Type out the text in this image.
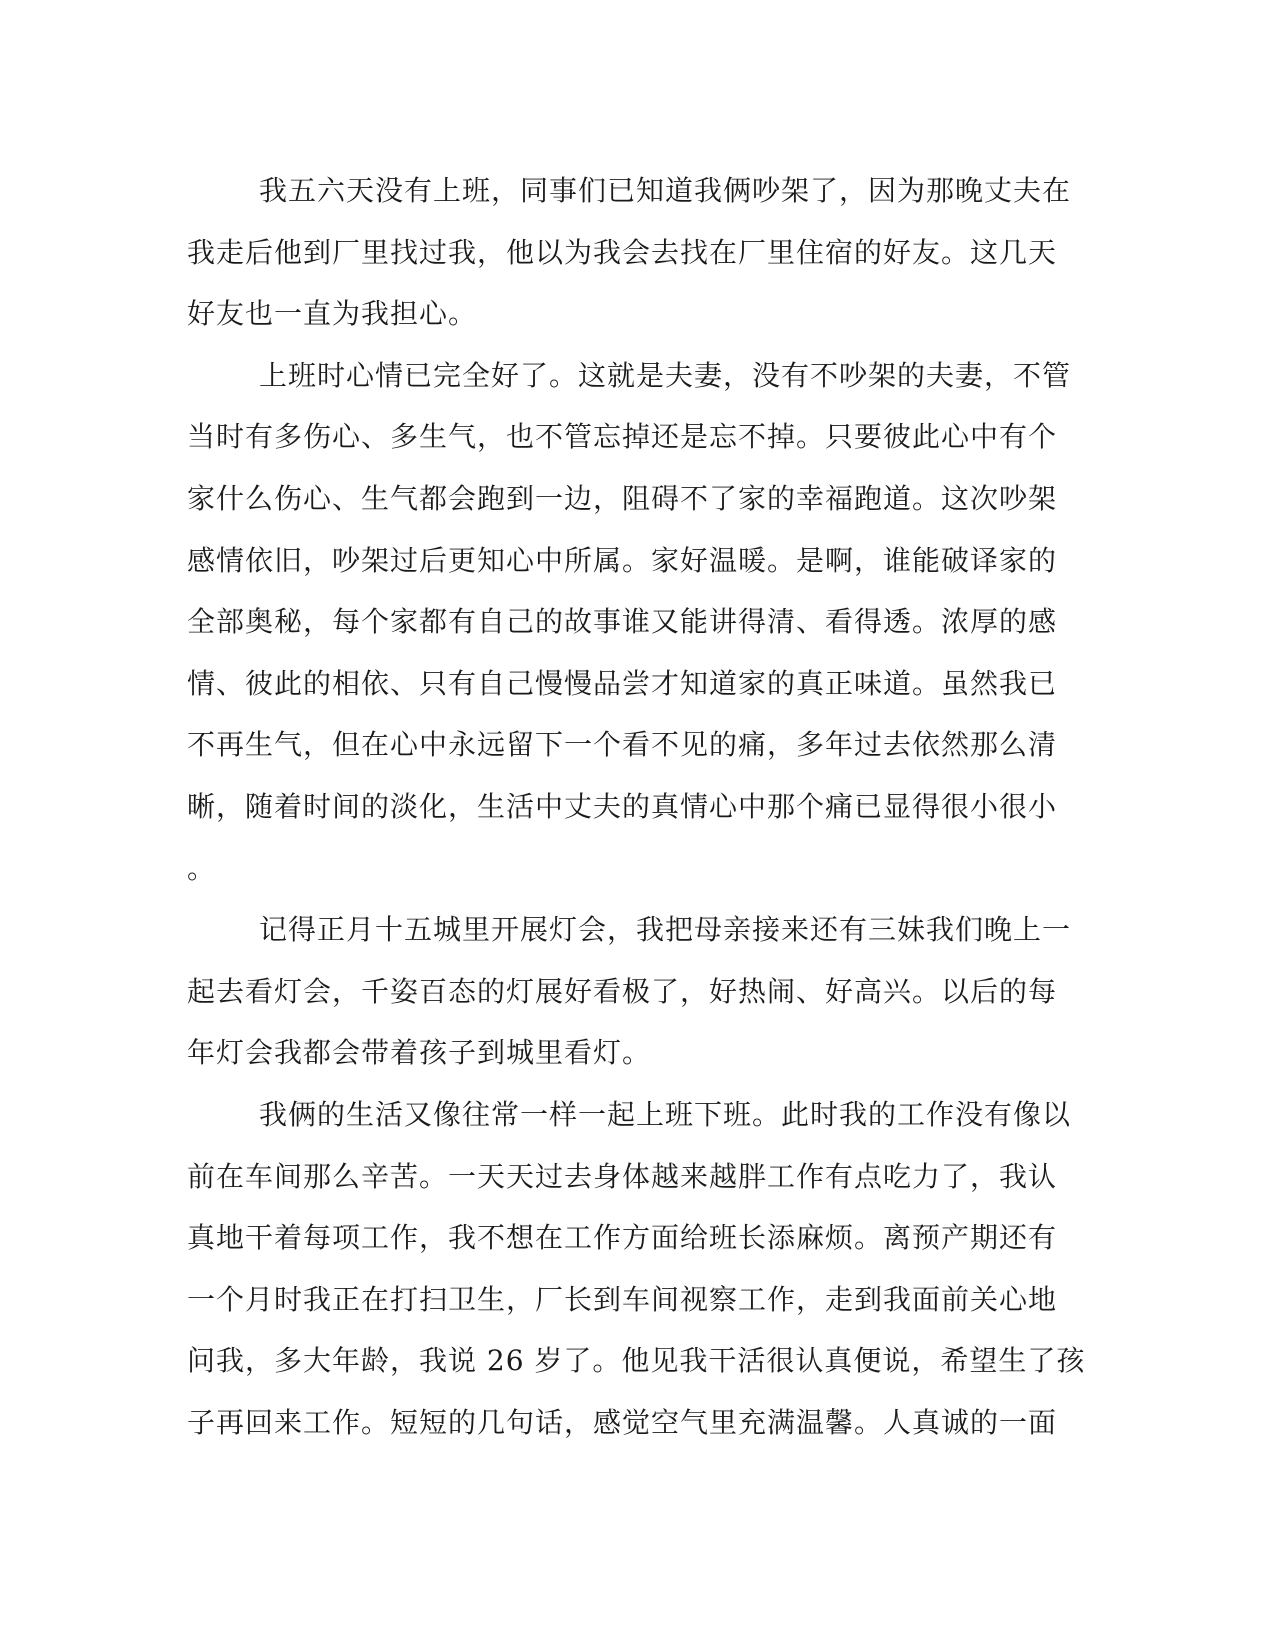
我五六天没有上班，同事们已知道我俩吵架了，因为那晚丈夫在
我走后他到厂里找过我，他以为我会去找在厂里住宿的好友。这几天
好友也一直为我担心。
上班时心情已完全好了。这就是夫妻，没有不吵架的夫妻，不管
当时有多伤心、多生气，也不管忘掉还是忘不掉。只要彼此心中有个
家什么伤心、生气都会跑到一边，阻碍不了家的幸福跑道。这次吵架
感情依旧，吵架过后更知心中所属。家好温暖。是啊，谁能破译家的
全部奥秘，每个家都有自己的故事谁又能讲得清、看得透。浓厚的感
情、彼此的相依、只有自己慢慢品尝才知道家的真正味道。虽然我已
不再生气，但在心中永远留下一个看不见的痛，多年过去依然那么清
晰，随着时间的淡化，生活中丈夫的真情心中那个痛已显得很小很小
。
记得正月十五城里开展灯会，我把母亲接来还有三妹我们晚上一
起去看灯会，千姿百态的灯展好看极了，好热闹、好高兴。以后的每
年灯会我都会带着孩子到城里看灯。
我俩的生活又像往常一样一起上班下班。此时我的工作没有像以
前在车间那么辛苦。一天天过去身体越来越胖工作有点吃力了，我认
真地干着每项工作，我不想在工作方面给班长添麻烦。离预产期还有
一个月时我正在打扫卫生，厂长到车间视察工作，走到我面前关心地
问我，多大年龄，我说 26 岁了。他见我干活很认真便说，希望生了孩
子再回来工作。短短的几句话，感觉空气里充满温馨。人真诚的一面
